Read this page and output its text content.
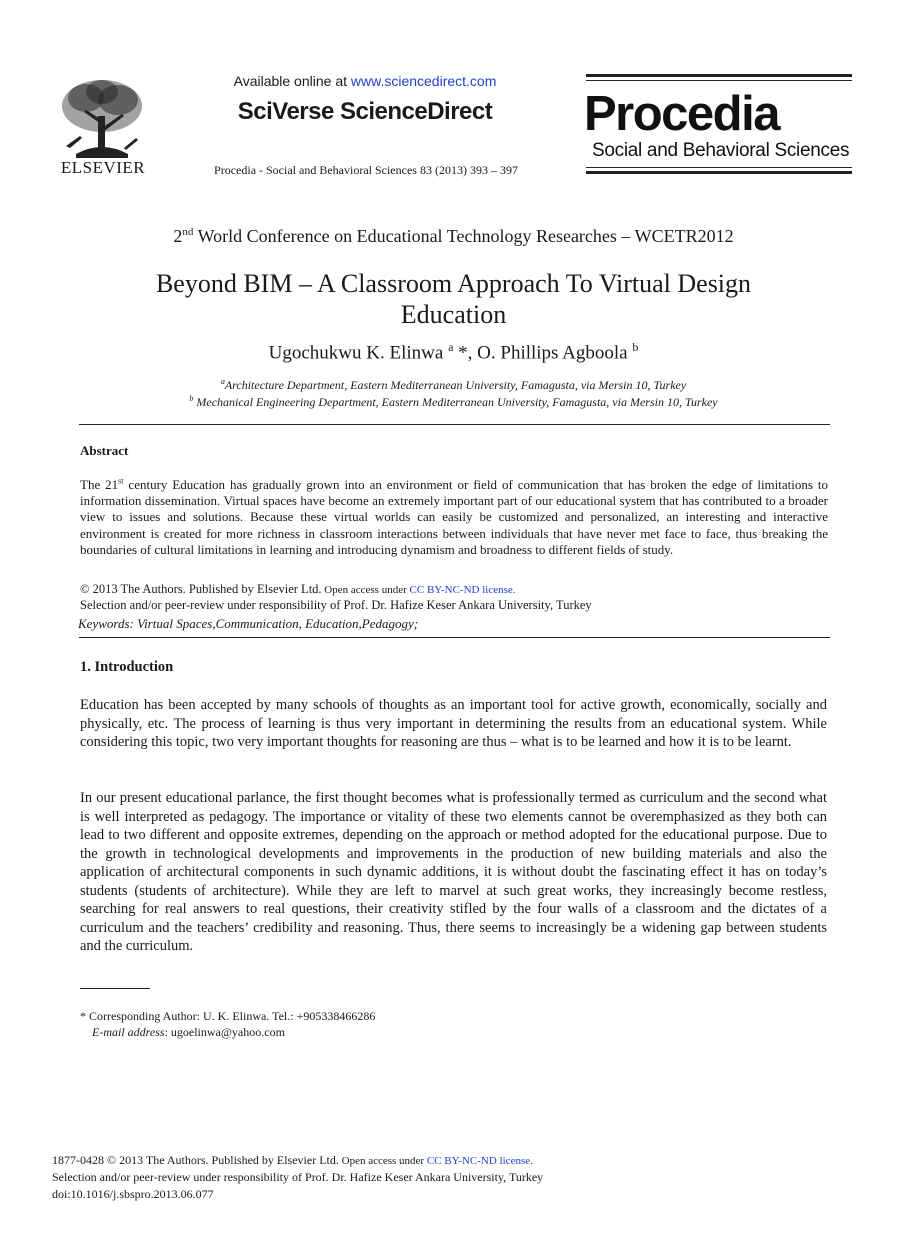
ELSEVIER
Available online at www.sciencedirect.com
SciVerse ScienceDirect
Procedia - Social and Behavioral Sciences 83 (2013) 393 – 397
Procedia
Social and Behavioral Sciences
2nd World Conference on Educational Technology Researches – WCETR2012
Beyond BIM – A Classroom Approach To Virtual Design
Education
Ugochukwu K. Elinwa $^a$ *, O. Phillips Agboola $^b$
$^a$Architecture Department, Eastern Mediterranean University, Famagusta, via Mersin 10, Turkey
$^b$ Mechanical Engineering Department, Eastern Mediterranean University, Famagusta, via Mersin 10, Turkey
Abstract
The 21st century Education has gradually grown into an environment or field of communication that has broken the edge of limitations to information dissemination. Virtual spaces have become an extremely important part of our educational system that has contributed to a broader view to issues and solutions. Because these virtual worlds can easily be customized and personalized, an interesting and interactive environment is created for more richness in classroom interactions between individuals that have never met face to face, thus breaking the boundaries of cultural limitations in learning and introducing dynamism and broadness to different fields of study.
© 2013 The Authors. Published by Elsevier Ltd. Open access under CC BY-NC-ND license.
Selection and/or peer-review under responsibility of Prof. Dr. Hafize Keser Ankara University, Turkey
Keywords: Virtual Spaces,Communication, Education,Pedagogy;
1. Introduction
Education has been accepted by many schools of thoughts as an important tool for active growth, economically, socially and physically, etc. The process of learning is thus very important in determining the results from an educational system. While considering this topic, two very important thoughts for reasoning are thus – what is to be learned and how it is to be learnt.
In our present educational parlance, the first thought becomes what is professionally termed as curriculum and the second what is well interpreted as pedagogy. The importance or vitality of these two elements cannot be overemphasized as they both can lead to two different and opposite extremes, depending on the approach or method adopted for the educational purpose. Due to the growth in technological developments and improvements in the production of new building materials and also the application of architectural components in such dynamic additions, it is without doubt the fascinating effect it has on today’s students (students of architecture). While they are left to marvel at such great works, they increasingly become restless, searching for real answers to real questions, their creativity stifled by the four walls of a classroom and the dictates of a curriculum and the teachers’ credibility and reasoning. Thus, there seems to increasingly be a widening gap between students and the curriculum.
* Corresponding Author: U. K. Elinwa. Tel.: +905338466286
E-mail address: ugoelinwa@yahoo.com
1877-0428 © 2013 The Authors. Published by Elsevier Ltd. Open access under CC BY-NC-ND license.
Selection and/or peer-review under responsibility of Prof. Dr. Hafize Keser Ankara University, Turkey
doi:10.1016/j.sbspro.2013.06.077
